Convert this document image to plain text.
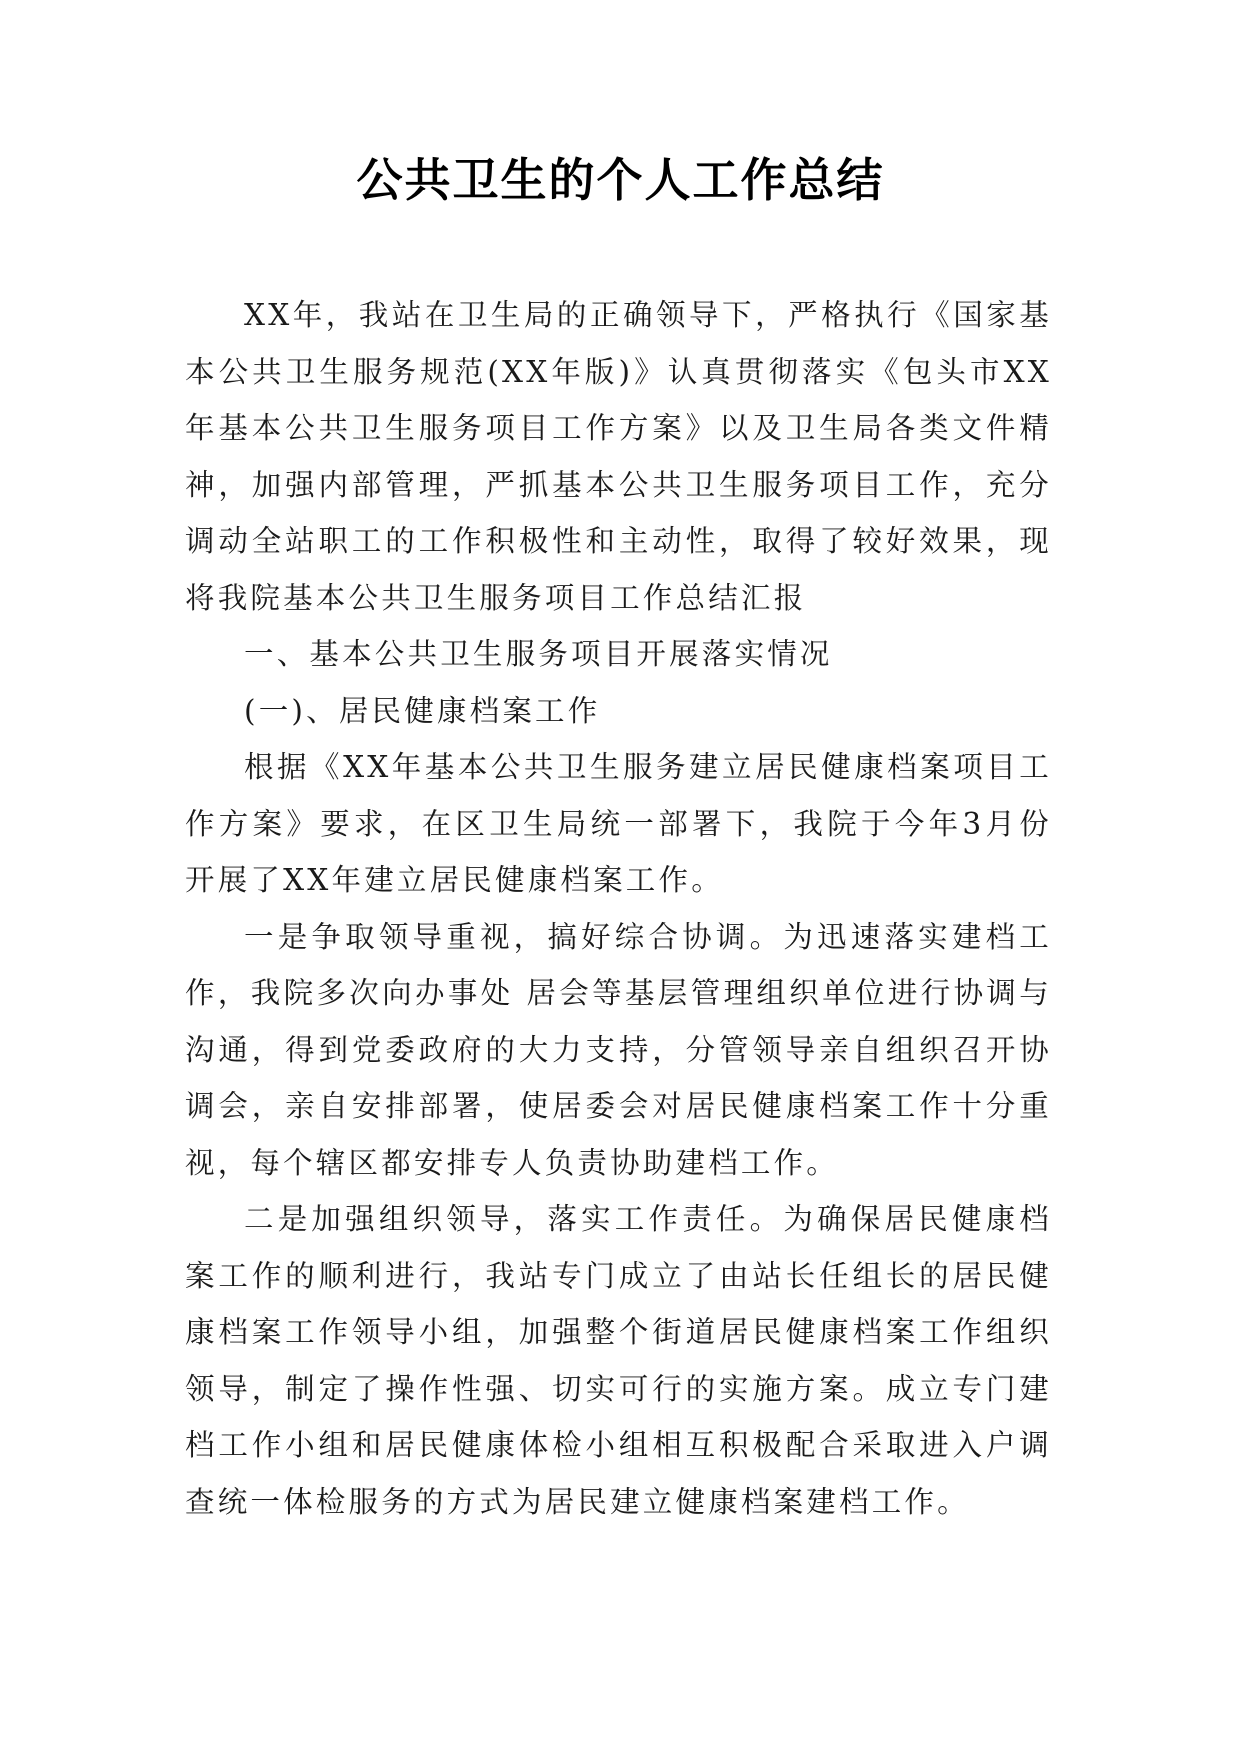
公共卫生的个人工作总结

XX年，我站在卫生局的正确领导下，严格执行《国家基本公共卫生服务规范(XX年版)》认真贯彻落实《包头市XX年基本公共卫生服务项目工作方案》以及卫生局各类文件精神，加强内部管理，严抓基本公共卫生服务项目工作，充分调动全站职工的工作积极性和主动性，取得了较好效果，现将我院基本公共卫生服务项目工作总结汇报

一、基本公共卫生服务项目开展落实情况

(一)、居民健康档案工作

根据《XX年基本公共卫生服务建立居民健康档案项目工作方案》要求，在区卫生局统一部署下，我院于今年3月份开展了XX年建立居民健康档案工作。

一是争取领导重视，搞好综合协调。为迅速落实建档工作，我院多次向办事处 居会等基层管理组织单位进行协调与沟通，得到党委政府的大力支持，分管领导亲自组织召开协调会，亲自安排部署，使居委会对居民健康档案工作十分重视，每个辖区都安排专人负责协助建档工作。

二是加强组织领导，落实工作责任。为确保居民健康档案工作的顺利进行，我站专门成立了由站长任组长的居民健康档案工作领导小组，加强整个街道居民健康档案工作组织领导，制定了操作性强、切实可行的实施方案。成立专门建档工作小组和居民健康体检小组相互积极配合采取进入户调查统一体检服务的方式为居民建立健康档案建档工作。
